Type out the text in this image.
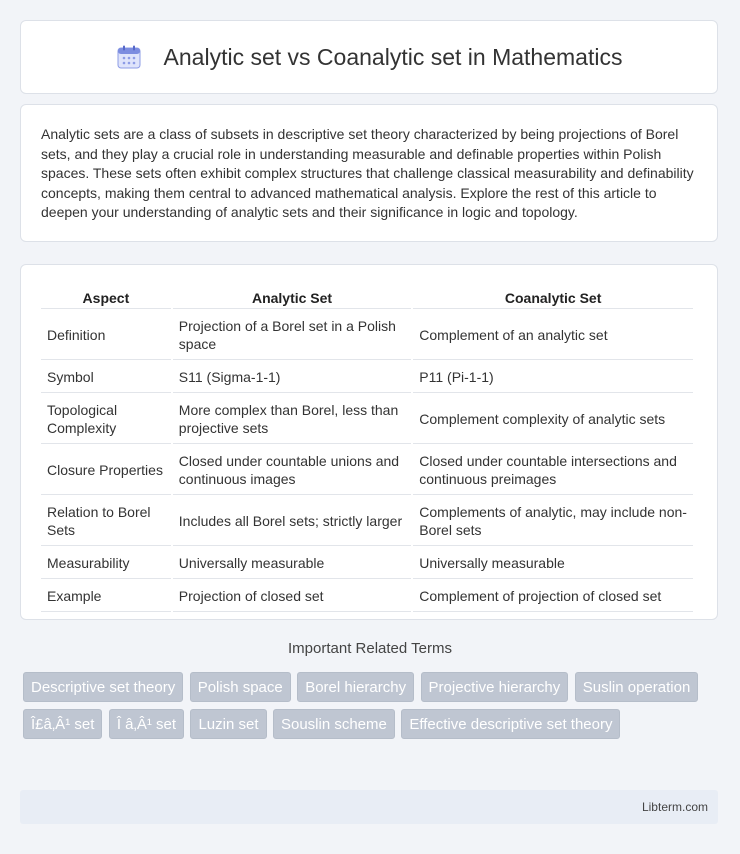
Analytic set vs Coanalytic set in Mathematics

Analytic sets are a class of subsets in descriptive set theory characterized by being projections of Borel sets, and they play a crucial role in understanding measurable and definable properties within Polish spaces. These sets often exhibit complex structures that challenge classical measurability and definability concepts, making them central to advanced mathematical analysis. Explore the rest of this article to deepen your understanding of analytic sets and their significance in logic and topology.

Aspect	Analytic Set	Coanalytic Set
Definition	Projection of a Borel set in a Polish space	Complement of an analytic set
Symbol	S11 (Sigma-1-1)	P11 (Pi-1-1)
Topological Complexity	More complex than Borel, less than projective sets	Complement complexity of analytic sets
Closure Properties	Closed under countable unions and continuous images	Closed under countable intersections and continuous preimages
Relation to Borel Sets	Includes all Borel sets; strictly larger	Complements of analytic, may include non-Borel sets
Measurability	Universally measurable	Universally measurable
Example	Projection of closed set	Complement of projection of closed set
Important Related Terms
Descriptive set theory Polish space Borel hierarchy Projective hierarchy Suslin operation Î£â‚Â¹ set Î â‚Â¹ set Luzin set Souslin scheme Effective descriptive set theory
Libterm.com
